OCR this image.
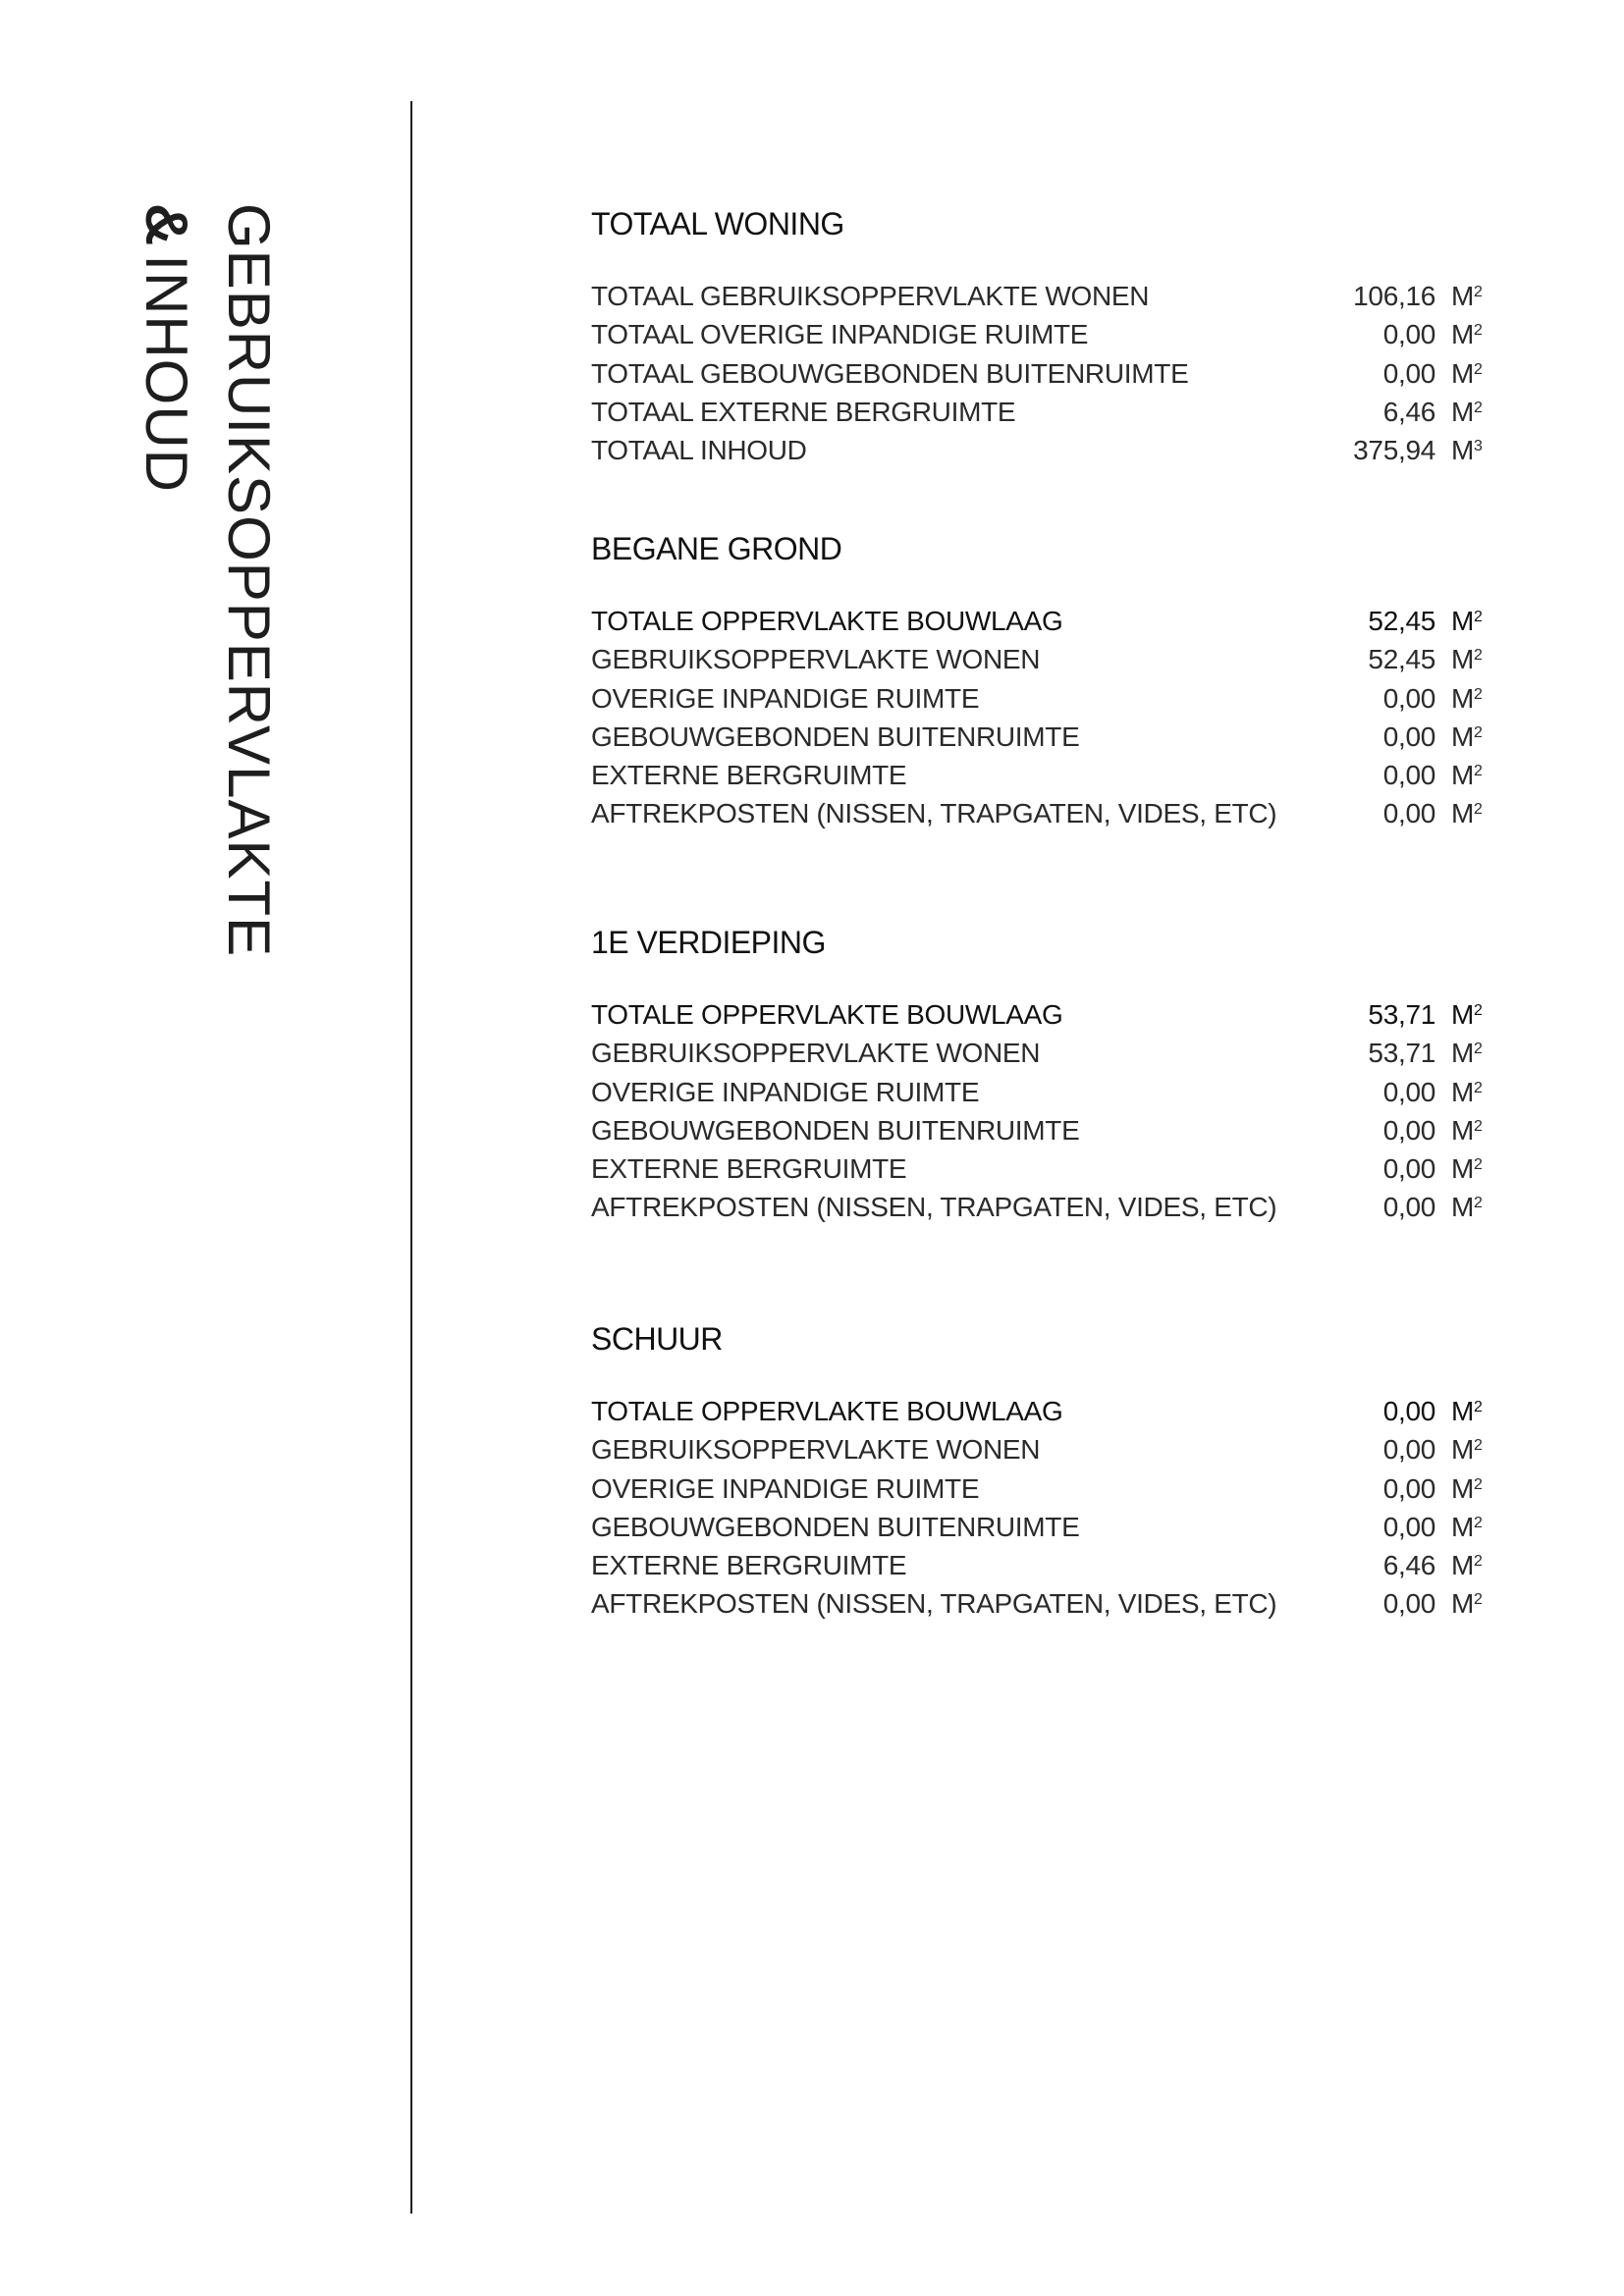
GEBRUIKSOPPERVLAKTE
&INHOUD
TOTAAL WONING
TOTAAL GEBRUIKSOPPERVLAKTE WONEN	106,16 $M^2$
TOTAAL OVERIGE INPANDIGE RUIMTE	0,00 $M^2$
TOTAAL GEBOUWGEBONDEN BUITENRUIMTE	0,00 $M^2$
TOTAAL EXTERNE BERGRUIMTE	6,46 $M^2$
TOTAAL INHOUD	375,94 $M^3$
BEGANE GROND
TOTALE OPPERVLAKTE BOUWLAAG	52,45 $M^2$
GEBRUIKSOPPERVLAKTE WONEN	52,45 $M^2$
OVERIGE INPANDIGE RUIMTE	0,00 $M^2$
GEBOUWGEBONDEN BUITENRUIMTE	0,00 $M^2$
EXTERNE BERGRUIMTE	0,00 $M^2$
AFTREKPOSTEN (NISSEN, TRAPGATEN, VIDES, ETC)	0,00 $M^2$
1E VERDIEPING
TOTALE OPPERVLAKTE BOUWLAAG	53,71 $M^2$
GEBRUIKSOPPERVLAKTE WONEN	53,71 $M^2$
OVERIGE INPANDIGE RUIMTE	0,00 $M^2$
GEBOUWGEBONDEN BUITENRUIMTE	0,00 $M^2$
EXTERNE BERGRUIMTE	0,00 $M^2$
AFTREKPOSTEN (NISSEN, TRAPGATEN, VIDES, ETC)	0,00 $M^2$
SCHUUR
TOTALE OPPERVLAKTE BOUWLAAG	0,00 $M^2$
GEBRUIKSOPPERVLAKTE WONEN	0,00 $M^2$
OVERIGE INPANDIGE RUIMTE	0,00 $M^2$
GEBOUWGEBONDEN BUITENRUIMTE	0,00 $M^2$
EXTERNE BERGRUIMTE	6,46 $M^2$
AFTREKPOSTEN (NISSEN, TRAPGATEN, VIDES, ETC)	0,00 $M^2$
